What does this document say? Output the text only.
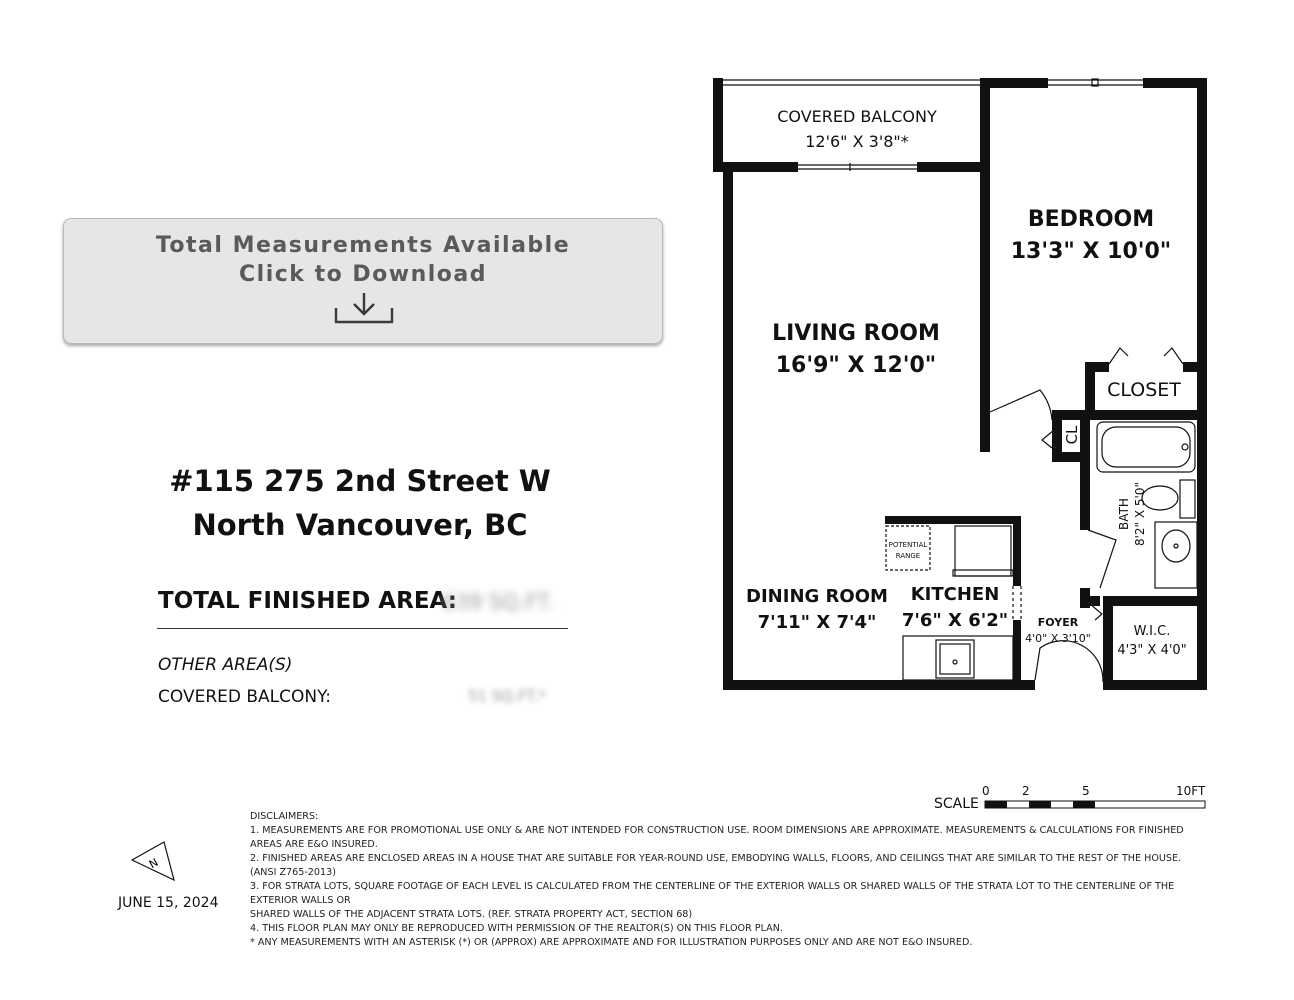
Total Measurements Available
Click to Download
#115 275 2nd Street W
North Vancouver, BC
TOTAL FINISHED AREA:
639 SQ.FT.
OTHER AREA(S)
COVERED BALCONY:	51 SQ.FT.*
COVERED BALCONY
12'6" X 3'8"*
BEDROOM
13'3" X 10'0"
LIVING ROOM
16'9" X 12'0"
CLOSET
CL
BATH 8'2" X 5'0"
DINING ROOM
7'11" X 7'4"
KITCHEN
7'6" X 6'2"
POTENTIAL
RANGE
FOYER
4'0" X 3'10"	W.I.C.
4'3" X 4'0"
SCALE
0	2	5	10FT
N
JUNE 15, 2024
DISCLAIMERS:
1. MEASUREMENTS ARE FOR PROMOTIONAL USE ONLY & ARE NOT INTENDED FOR CONSTRUCTION USE. ROOM DIMENSIONS ARE APPROXIMATE. MEASUREMENTS & CALCULATIONS FOR FINISHED AREAS ARE E&O INSURED.
2. FINISHED AREAS ARE ENCLOSED AREAS IN A HOUSE THAT ARE SUITABLE FOR YEAR-ROUND USE, EMBODYING WALLS, FLOORS, AND CEILINGS THAT ARE SIMILAR TO THE REST OF THE HOUSE. (ANSI Z765-2013)
3. FOR STRATA LOTS, SQUARE FOOTAGE OF EACH LEVEL IS CALCULATED FROM THE CENTERLINE OF THE EXTERIOR WALLS OR SHARED WALLS OF THE STRATA LOT TO THE CENTERLINE OF THE EXTERIOR WALLS OR
SHARED WALLS OF THE ADJACENT STRATA LOTS. (REF. STRATA PROPERTY ACT, SECTION 68)
4. THIS FLOOR PLAN MAY ONLY BE REPRODUCED WITH PERMISSION OF THE REALTOR(S) ON THIS FLOOR PLAN.
* ANY MEASUREMENTS WITH AN ASTERISK (*) OR (APPROX) ARE APPROXIMATE AND FOR ILLUSTRATION PURPOSES ONLY AND ARE NOT E&O INSURED.
